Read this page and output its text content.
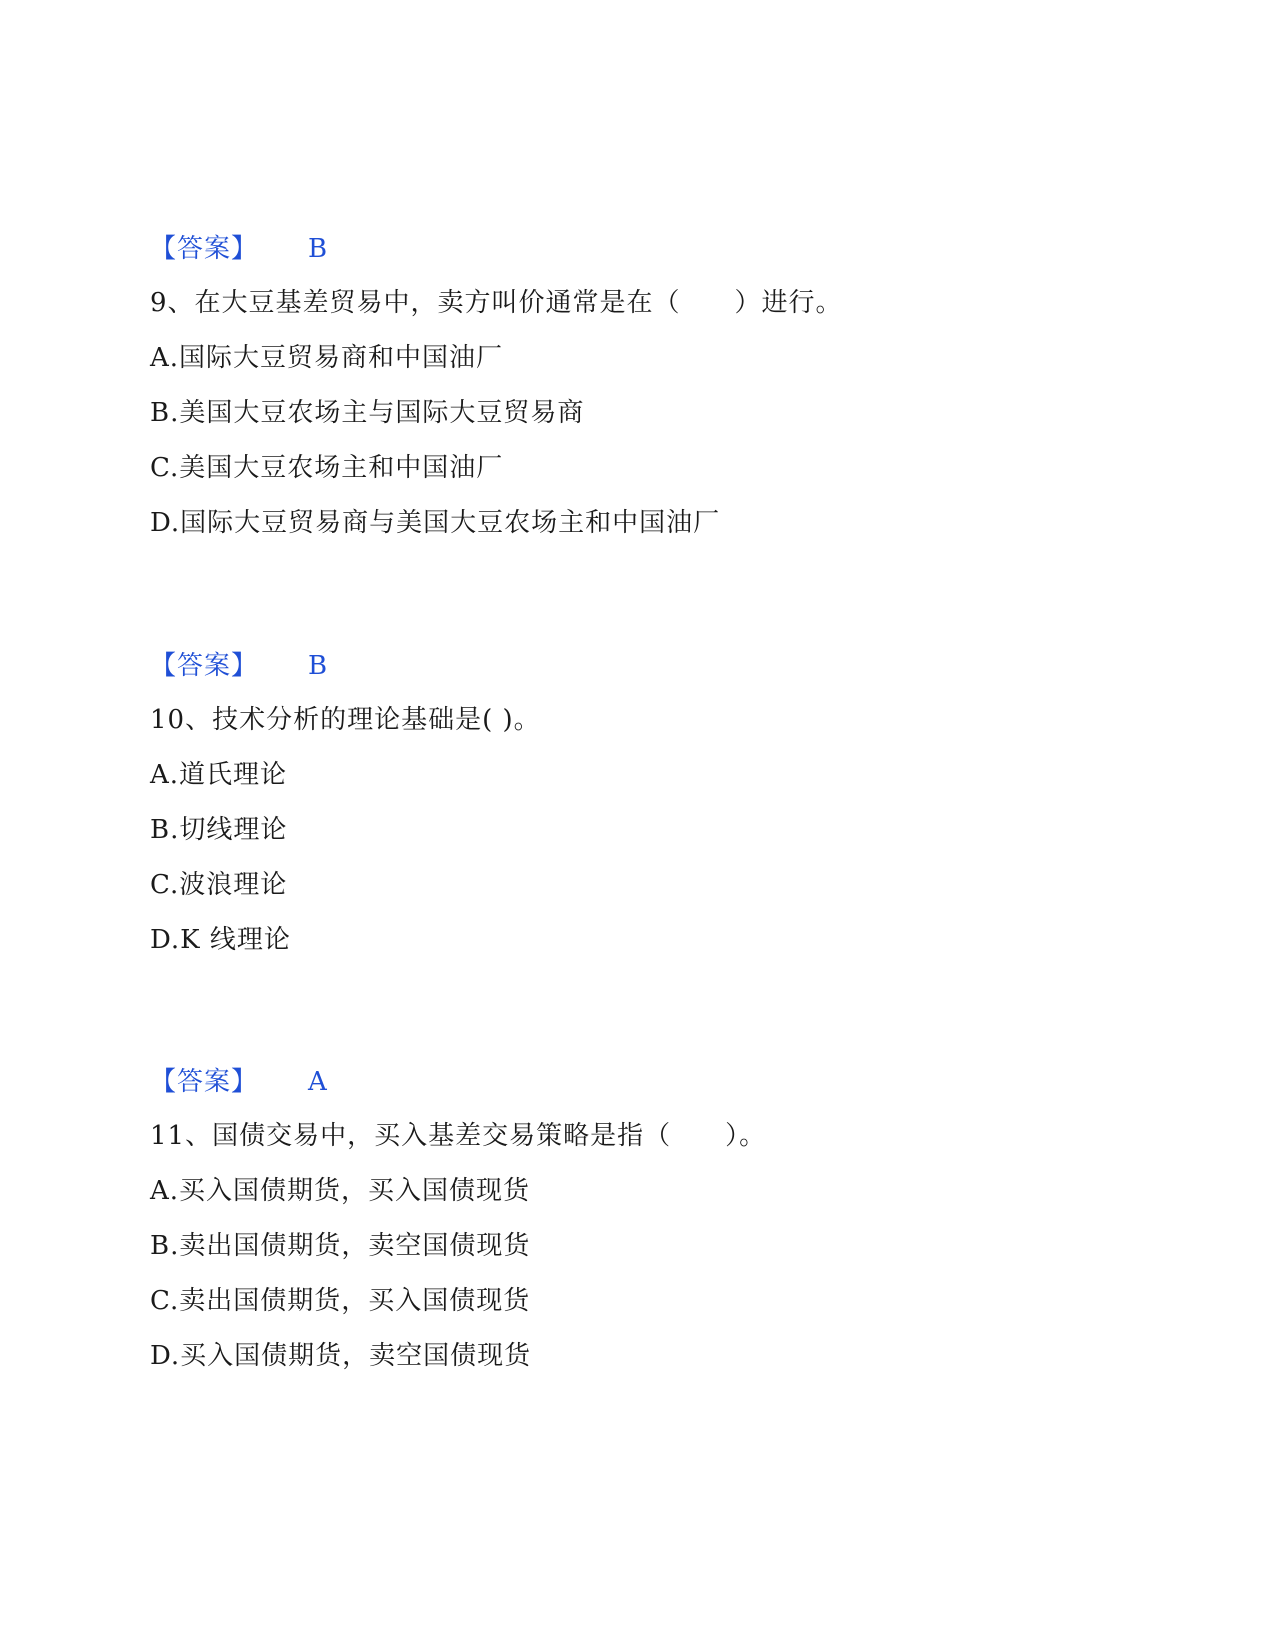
【答案】 B
9、在大豆基差贸易中，卖方叫价通常是在（　　）进行。
A.国际大豆贸易商和中国油厂
B.美国大豆农场主与国际大豆贸易商
C.美国大豆农场主和中国油厂
D.国际大豆贸易商与美国大豆农场主和中国油厂
【答案】 B
10、技术分析的理论基础是( )。
A.道氏理论
B.切线理论
C.波浪理论
D.K 线理论
【答案】 A
11、国债交易中，买入基差交易策略是指（　　）。
A.买入国债期货，买入国债现货
B.卖出国债期货，卖空国债现货
C.卖出国债期货，买入国债现货
D.买入国债期货，卖空国债现货
